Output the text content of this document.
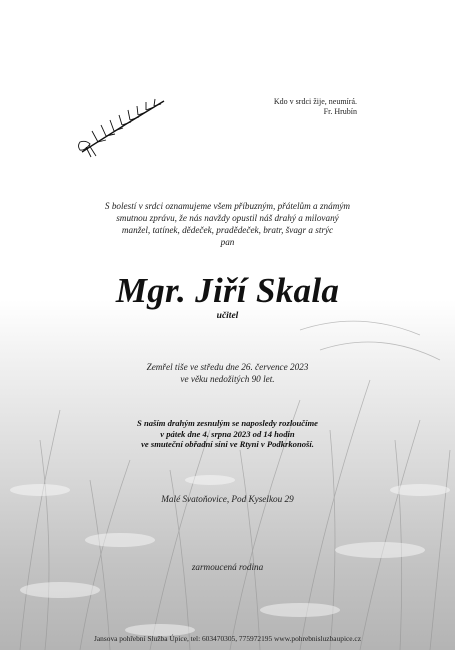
Kdo v srdci žije, neumírá.
Fr. Hrubín
S bolestí v srdci oznamujeme všem příbuzným, přátelům a známým
smutnou zprávu, že nás navždy opustil náš drahý a milovaný
manžel, tatínek, dědeček, pradědeček, bratr, švagr a strýc
pan
Mgr. Jiří Skala
učitel
Zemřel tiše ve středu dne 26. července 2023
ve věku nedožitých 90 let.
S naším drahým zesnulým se naposledy rozloučíme
v pátek dne 4. srpna 2023 od 14 hodin
ve smuteční obřadní síni ve Rtyni v Podkrkonoší.
Malé Svatoňovice, Pod Kyselkou 29
zarmoucená rodina
Jansova pohřební Služba Úpice, tel: 603470305, 775972195 www.pohrebnisluzbaupice.cz
